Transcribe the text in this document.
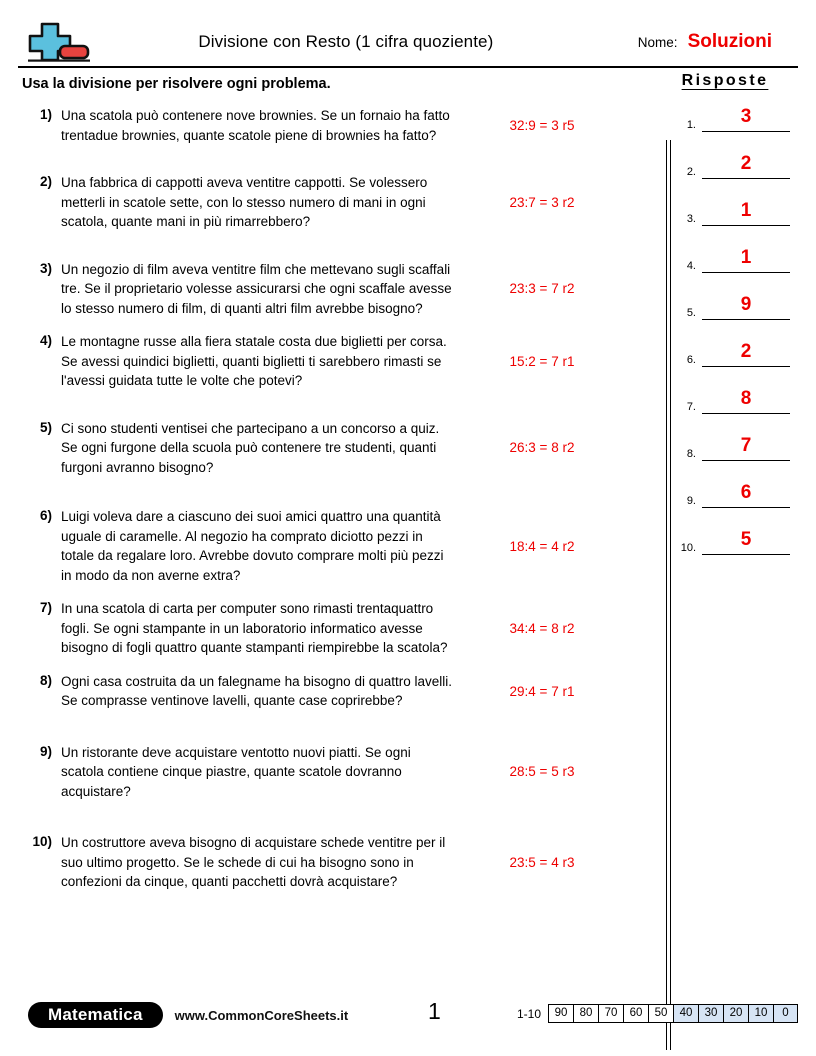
Divisione con Resto (1 cifra quoziente)	Nome: Soluzioni
Usa la divisione per risolvere ogni problema.
1) Una scatola può contenere nove brownies. Se un fornaio ha fatto trentadue brownies, quante scatole piene di brownies ha fatto?
32:9 = 3 r5
2) Una fabbrica di cappotti aveva ventitre cappotti. Se volessero metterli in scatole sette, con lo stesso numero di mani in ogni scatola, quante mani in più rimarrebbero?
23:7 = 3 r2
3) Un negozio di film aveva ventitre film che mettevano sugli scaffali tre. Se il proprietario volesse assicurarsi che ogni scaffale avesse lo stesso numero di film, di quanti altri film avrebbe bisogno?
23:3 = 7 r2
4) Le montagne russe alla fiera statale costa due biglietti per corsa. Se avessi quindici biglietti, quanti biglietti ti sarebbero rimasti se l'avessi guidata tutte le volte che potevi?
15:2 = 7 r1
5) Ci sono studenti ventisei che partecipano a un concorso a quiz. Se ogni furgone della scuola può contenere tre studenti, quanti furgoni avranno bisogno?
26:3 = 8 r2
6) Luigi voleva dare a ciascuno dei suoi amici quattro una quantità uguale di caramelle. Al negozio ha comprato diciotto pezzi in totale da regalare loro. Avrebbe dovuto comprare molti più pezzi in modo da non averne extra?
18:4 = 4 r2
7) In una scatola di carta per computer sono rimasti trentaquattro fogli. Se ogni stampante in un laboratorio informatico avesse bisogno di fogli quattro quante stampanti riempirebbe la scatola?
34:4 = 8 r2
8) Ogni casa costruita da un falegname ha bisogno di quattro lavelli. Se comprasse ventinove lavelli, quante case coprirebbe?
29:4 = 7 r1
9) Un ristorante deve acquistare ventotto nuovi piatti. Se ogni scatola contiene cinque piastre, quante scatole dovranno acquistare?
28:5 = 5 r3
10) Un costruttore aveva bisogno di acquistare schede ventitre per il suo ultimo progetto. Se le schede di cui ha bisogno sono in confezioni da cinque, quanti pacchetti dovrà acquistare?
23:5 = 4 r3
Risposte
1.	3
2.	2
3.	1
4.	1
5.	9
6.	2
7.	8
8.	7
9.	6
10.	5
Matematica	www.CommonCoreSheets.it	1	1-10	90	80	70	60	50	40	30	20	10	0
